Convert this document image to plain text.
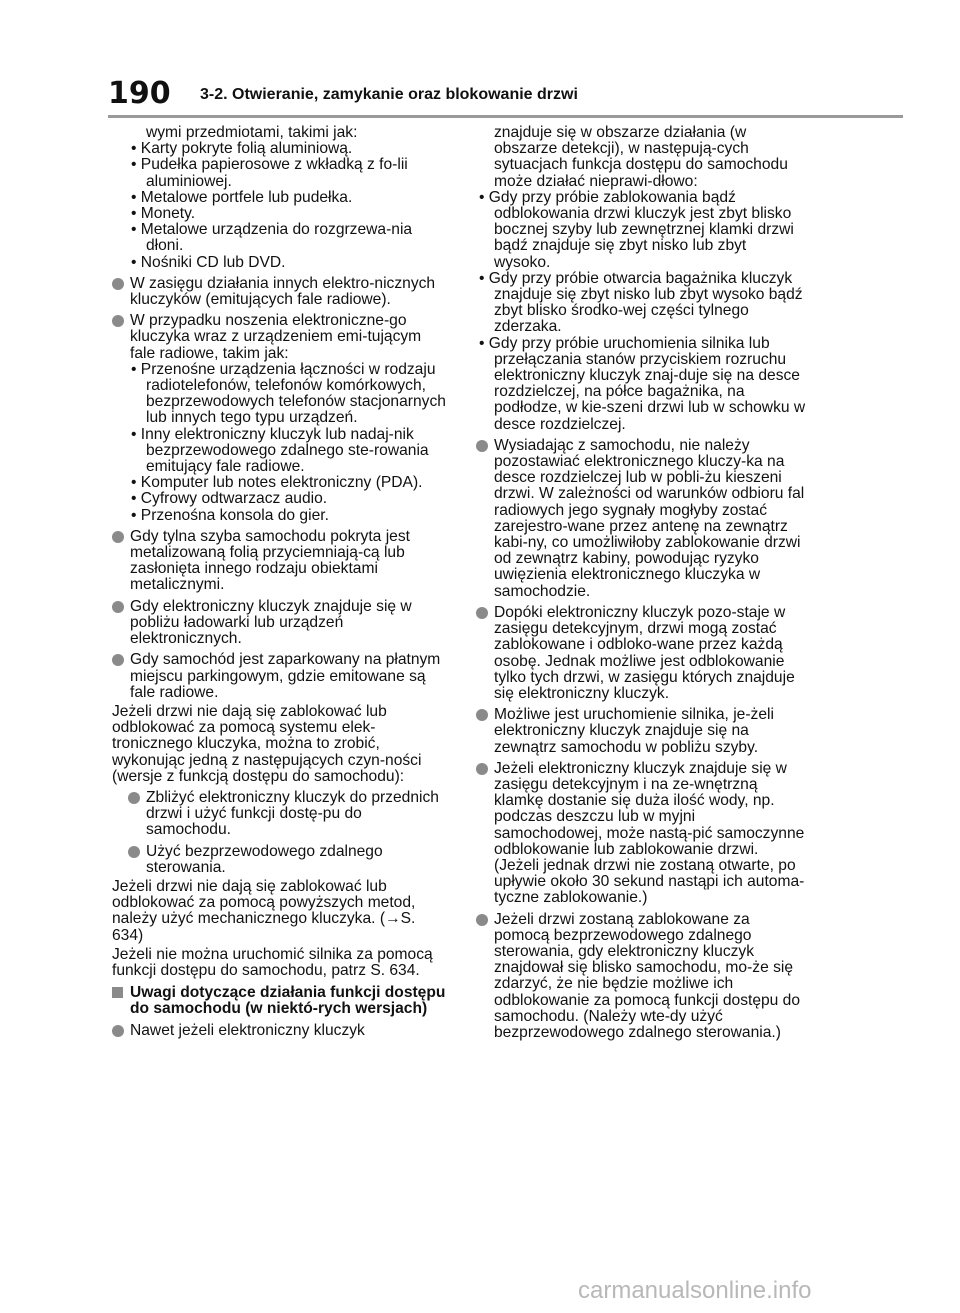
190 3-2. Otwieranie, zamykanie oraz blokowanie drzwi

wymi przedmiotami, takimi jak:

• Karty pokryte folią aluminiową.

• Pudełka papierosowe z wkładką z fo-lii aluminiowej.

• Metalowe portfele lub pudełka.

• Monety.

• Metalowe urządzenia do rozgrzewa-nia dłoni.

• Nośniki CD lub DVD.

W zasięgu działania innych elektro-nicznych kluczyków (emitujących fale radiowe).
W przypadku noszenia elektroniczne-go kluczyka wraz z urządzeniem emi-tującym fale radiowe, takim jak:

• Przenośne urządzenia łączności w rodzaju radiotelefonów, telefonów komórkowych, bezprzewodowych telefonów stacjonarnych lub innych tego typu urządzeń.

• Inny elektroniczny kluczyk lub nadaj-nik bezprzewodowego zdalnego ste-rowania emitujący fale radiowe.

• Komputer lub notes elektroniczny (PDA).

• Cyfrowy odtwarzacz audio.

• Przenośna konsola do gier.

Gdy tylna szyba samochodu pokryta jest metalizowaną folią przyciemniają-cą lub zasłonięta innego rodzaju obiektami metalicznymi.
Gdy elektroniczny kluczyk znajduje się w pobliżu ładowarki lub urządzeń elektronicznych.
Gdy samochód jest zaparkowany na płatnym miejscu parkingowym, gdzie emitowane są fale radiowe.

Jeżeli drzwi nie dają się zablokować lub odblokować za pomocą systemu elek-tronicznego kluczyka, można to zrobić, wykonując jedną z następujących czyn-ności (wersje z funkcją dostępu do samochodu):

Zbliżyć elektroniczny kluczyk do przednich drzwi i użyć funkcji dostę-pu do samochodu.
Użyć bezprzewodowego zdalnego sterowania.

Jeżeli drzwi nie dają się zablokować lub odblokować za pomocą powyższych metod, należy użyć mechanicznego kluczyka. (→S. 634)

Jeżeli nie można uruchomić silnika za pomocą funkcji dostępu do samochodu, patrz S. 634.

Uwagi dotyczące działania funkcji dostępu do samochodu (w niektó-rych wersjach)
Nawet jeżeli elektroniczny kluczyk

znajduje się w obszarze działania (w obszarze detekcji), w następują-cych sytuacjach funkcja dostępu do samochodu może działać nieprawi-dłowo:

• Gdy przy próbie zablokowania bądź odblokowania drzwi kluczyk jest zbyt blisko bocznej szyby lub zewnętrznej klamki drzwi bądź znajduje się zbyt nisko lub zbyt wysoko.

• Gdy przy próbie otwarcia bagażnika kluczyk znajduje się zbyt nisko lub zbyt wysoko bądź zbyt blisko środko-wej części tylnego zderzaka.

• Gdy przy próbie uruchomienia silnika lub przełączania stanów przyciskiem rozruchu elektroniczny kluczyk znaj-duje się na desce rozdzielczej, na półce bagażnika, na podłodze, w kie-szeni drzwi lub w schowku w desce rozdzielczej.

Wysiadając z samochodu, nie należy pozostawiać elektronicznego kluczy-ka na desce rozdzielczej lub w pobli-żu kieszeni drzwi. W zależności od warunków odbioru fal radiowych jego sygnały mogłyby zostać zarejestro-wane przez antenę na zewnątrz kabi-ny, co umożliwiłoby zablokowanie drzwi od zewnątrz kabiny, powodując ryzyko uwięzienia elektronicznego kluczyka w samochodzie.
Dopóki elektroniczny kluczyk pozo-staje w zasięgu detekcyjnym, drzwi mogą zostać zablokowane i odbloko-wane przez każdą osobę. Jednak możliwe jest odblokowanie tylko tych drzwi, w zasięgu których znajduje się elektroniczny kluczyk.
Możliwe jest uruchomienie silnika, je-żeli elektroniczny kluczyk znajduje się na zewnątrz samochodu w pobliżu szyby.
Jeżeli elektroniczny kluczyk znajduje się w zasięgu detekcyjnym i na ze-wnętrzną klamkę dostanie się duża ilość wody, np. podczas deszczu lub w myjni samochodowej, może nastą-pić samoczynne odblokowanie lub zablokowanie drzwi. (Jeżeli jednak drzwi nie zostaną otwarte, po upływie około 30 sekund nastąpi ich automa-tyczne zablokowanie.)
Jeżeli drzwi zostaną zablokowane za pomocą bezprzewodowego zdalnego sterowania, gdy elektroniczny kluczyk znajdował się blisko samochodu, mo-że się zdarzyć, że nie będzie możliwe ich odblokowanie za pomocą funkcji dostępu do samochodu. (Należy wte-dy użyć bezprzewodowego zdalnego sterowania.)
carmanualsonline.info
